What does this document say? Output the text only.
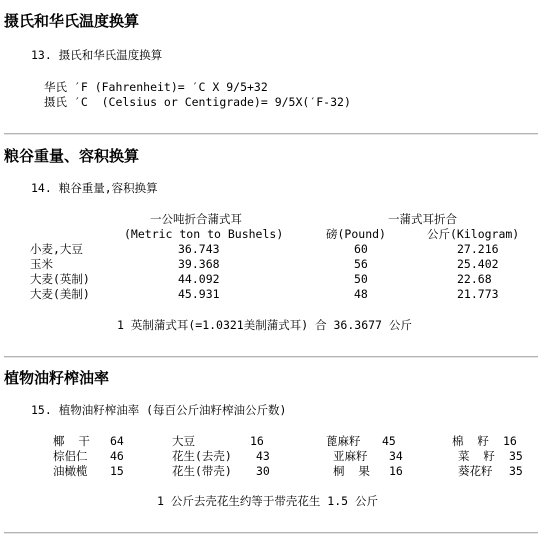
摄氏和华氏温度换算
13. 摄氏和华氏温度换算
华氏 ′F (Fahrenheit)= ′C X 9/5+32
摄氏 ′C  (Celsius or Centigrade)= 9/5X(′F-32)
粮谷重量、容积换算
14. 粮谷重量,容积换算
一公吨折合蒲式耳	一蒲式耳折合
(Metric ton to Bushels)	磅(Pound)	公斤(Kilogram)
小麦,大豆	36.743	60	27.216
玉米	39.368	56	25.402
大麦(英制)	44.092	50	22.68
大麦(美制)	45.931	48	21.773
1 英制蒲式耳(=1.0321美制蒲式耳) 合 36.3677 公斤
植物油籽榨油率
15. 植物油籽榨油率 (每百公斤油籽榨油公斤数)
椰  干 64	大豆	16	蓖麻籽 45	棉  籽 16
棕侣仁 46	花生(去壳) 43	亚麻籽 34	菜  籽 35
油橄榄 15	花生(带壳) 30	桐  果 16	葵花籽 35
1 公斤去壳花生约等于带壳花生 1.5 公斤
